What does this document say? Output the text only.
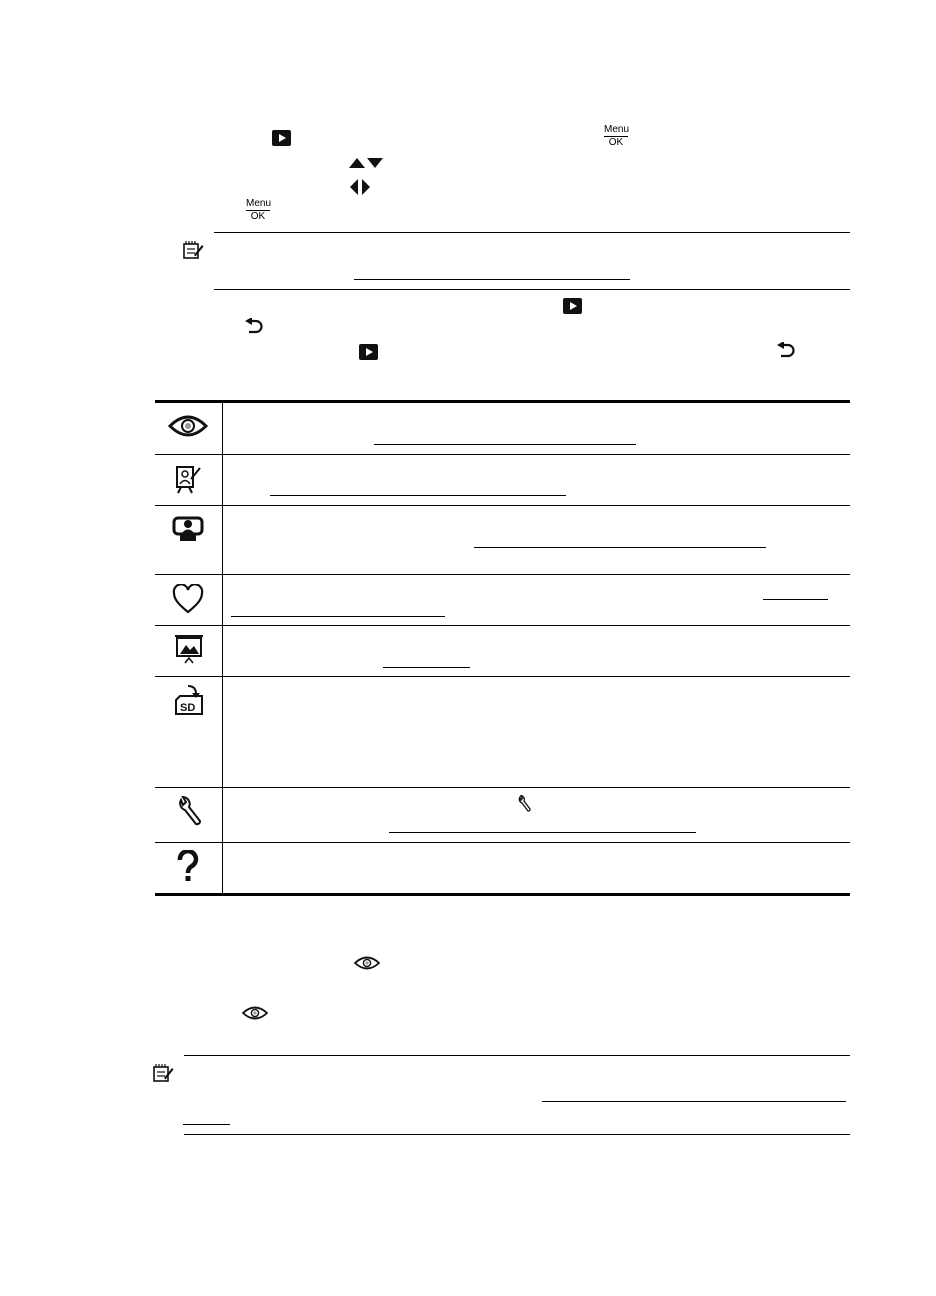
Menu
OK
Menu
OK
SD
